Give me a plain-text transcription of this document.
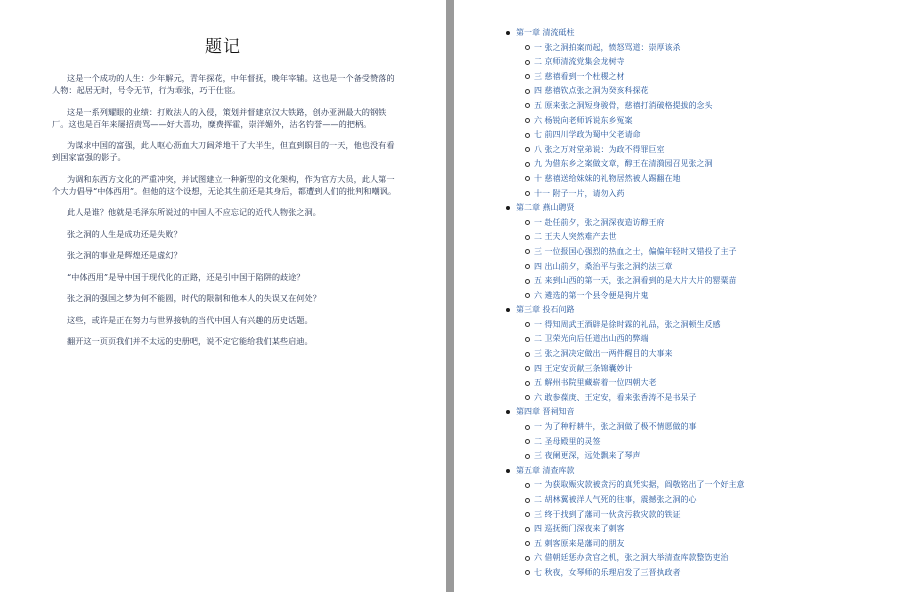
题记

这是一个成功的人生：少年解元，青年探花，中年督抚，晚年宰辅。这也是一个备受赞落的人物：起居无时，号令无节，行为乖张，巧于仕宦。

这是一系列耀眼的业绩：打败法人的入侵，策划并督建京汉大铁路，创办亚洲最大的钢铁厂。这也是百年来屡招责骂——好大喜功，糜费挥霍，崇洋媚外，沽名钓誉——的把柄。

为谋求中国的富强，此人呕心沥血大刀阔斧地干了大半生，但直到瞑目的一天，他也没有看到国家富强的影子。

为调和东西方文化的严重冲突，并试图建立一种新型的文化架构，作为官方大员，此人第一个大力倡导“中体西用”。但他的这个设想，无论其生前还是其身后，都遭到人们的批判和嘲讽。

此人是谁？他就是毛泽东所说过的中国人不应忘记的近代人物张之洞。

张之洞的人生是成功还是失败？

张之洞的事业是辉煌还是虚幻？

“中体西用”是导中国于现代化的正路，还是引中国于陷阱的歧途？

张之洞的强国之梦为何不能圆，时代的限制和他本人的失误又在何处？

这些，或许是正在努力与世界接轨的当代中国人有兴趣的历史话题。

翻开这一页页我们并不太远的史册吧，说不定它能给我们某些启迪。

第一章 清流砥柱
一 张之洞拍案而起，愤怒骂道：崇厚该杀
二 京师清流党集会龙树寺
三 慈禧看到一个杜稷之材
四 慈禧钦点张之洞为癸亥科探花
五 原来张之洞短身骏骨，慈禧打消破格提拔的念头
六 杨锐向老师诉说东乡冤案
七 前四川学政为蜀中父老请命
八 张之万对堂弟说：为政不得罪巨室
九 为借东乡之案做文章，醇王在清漪园召见张之洞
十 慈禧送给妹妹的礼物居然被人踢翻在地
十一 附子一片，请勿入药
第二章 燕山聘贤
一 赴任前夕，张之洞深夜造访醇王府
二 王夫人突然难产去世
三 一位报国心强烈的热血之士，偏偏年轻时又错投了主子
四 出山前夕，桑治平与张之洞约法三章
五 来到山西的第一天，张之洞看到的是大片大片的罂粟苗
六 遴选的第一个县令便是狗片鬼
第三章 投石问路
一 得知周武王酒辟是徐时霖的礼品，张之洞顿生反感
二 卫荣光向后任道出山西的弊端
三 张之洞决定做出一两件醒目的大事来
四 王定安贡献三条锦囊妙计
五 解州书院里藏崭着一位四朝大老
六 敢参葆庚、王定安，看来张香涛不是书呆子
第四章 晋祠知音
一 为了种籽耕牛，张之洞做了极不情愿做的事
二 圣母殿里的灵签
三 夜阑更深，远处飘来了琴声
第五章 清查库款
一 为获取赈灾款被贪污的真凭实据，阎敬铭出了一个好主意
二 胡林翼被洋人气死的往事，震撼张之洞的心
三 终于找到了藩司一伙贪污救灾款的铁证
四 巡抚衙门深夜来了刺客
五 刺客原来是藩司的朋友
六 借朝廷惩办贪官之机，张之洞大举清查库款整饬吏治
七 秋夜，女琴师的乐理启发了三晋执政者
